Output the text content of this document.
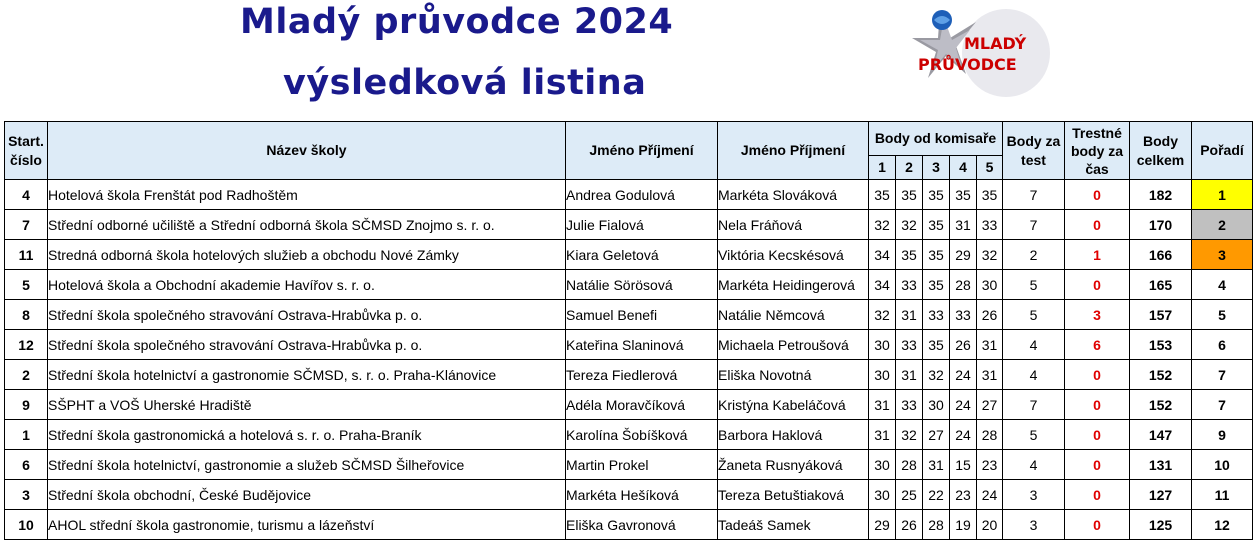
Mladý průvodce 2024
výsledková listina
MLADÝ
PRŮVODCE
Start. číslo	Název školy	Jméno Příjmení	Jméno Příjmení	Body od komisaře					Body za test	Trestné body za čas	Body celkem	Pořadí
				1	2	3	4	5				
4	Hotelová škola Frenštát pod Radhoštěm	Andrea Godulová	Markéta Slováková	35	35	35	35	35	7	0	182	1
7	Střední odborné učiliště a Střední odborná škola SČMSD Znojmo s. r. o.	Julie Fialová	Nela Fráňová	32	32	35	31	33	7	0	170	2
11	Stredná odborná škola hotelových služieb a obchodu Nové Zámky	Kiara Geletová	Viktória Kecskésová	34	35	35	29	32	2	1	166	3
5	Hotelová škola a Obchodní akademie Havířov s. r. o.	Natálie Sörösová	Markéta Heidingerová	34	33	35	28	30	5	0	165	4
8	Střední škola společného stravování Ostrava-Hrabůvka p. o.	Samuel Benefi	Natálie Němcová	32	31	33	33	26	5	3	157	5
12	Střední škola společného stravování Ostrava-Hrabůvka p. o.	Kateřina Slaninová	Michaela Petroušová	30	33	35	26	31	4	6	153	6
2	Střední škola hotelnictví a gastronomie SČMSD, s. r. o. Praha-Klánovice	Tereza Fiedlerová	Eliška Novotná	30	31	32	24	31	4	0	152	7
9	SŠPHT a VOŠ Uherské Hradiště	Adéla Moravčíková	Kristýna Kabeláčová	31	33	30	24	27	7	0	152	7
1	Střední škola gastronomická a hotelová s. r. o. Praha-Braník	Karolína Šobíšková	Barbora Haklová	31	32	27	24	28	5	0	147	9
6	Střední škola hotelnictví, gastronomie a služeb SČMSD Šilheřovice	Martin Prokel	Žaneta Rusnyáková	30	28	31	15	23	4	0	131	10
3	Střední škola obchodní, České Budějovice	Markéta Hešíková	Tereza Betuštiaková	30	25	22	23	24	3	0	127	11
10	AHOL střední škola gastronomie, turismu a lázeňství	Eliška Gavronová	Tadeáš Samek	29	26	28	19	20	3	0	125	12
